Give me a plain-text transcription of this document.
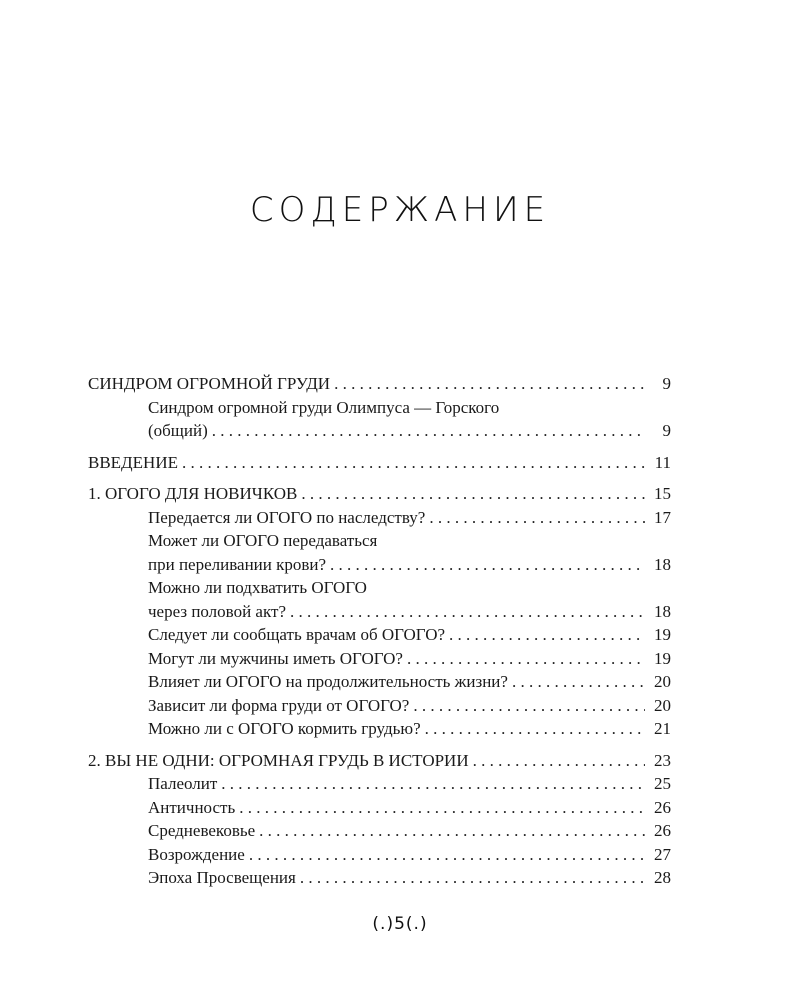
СОДЕРЖАНИЕ
СИНДРОМ ОГРОМНОЙ ГРУДИ . . .	9
Синдром огромной груди Олимпуса — Горского
(общий) . . .	9
ВВЕДЕНИЕ . . .	11
1. ОГОГО ДЛЯ НОВИЧКОВ . . .	15
Передается ли ОГОГО по наследству? . . .	17
Может ли ОГОГО передаваться
при переливании крови? . . .	18
Можно ли подхватить ОГОГО
через половой акт? . . .	18
Следует ли сообщать врачам об ОГОГО? . . .	19
Могут ли мужчины иметь ОГОГО? . . .	19
Влияет ли ОГОГО на продолжительность жизни? . . .	20
Зависит ли форма груди от ОГОГО? . . .	20
Можно ли с ОГОГО кормить грудью? . . .	21
2. ВЫ НЕ ОДНИ: ОГРОМНАЯ ГРУДЬ В ИСТОРИИ . . .	23
Палеолит . . .	25
Античность . . .	26
Средневековье . . .	26
Возрождение . . .	27
Эпоха Просвещения . . .	28
(.)5(.)
